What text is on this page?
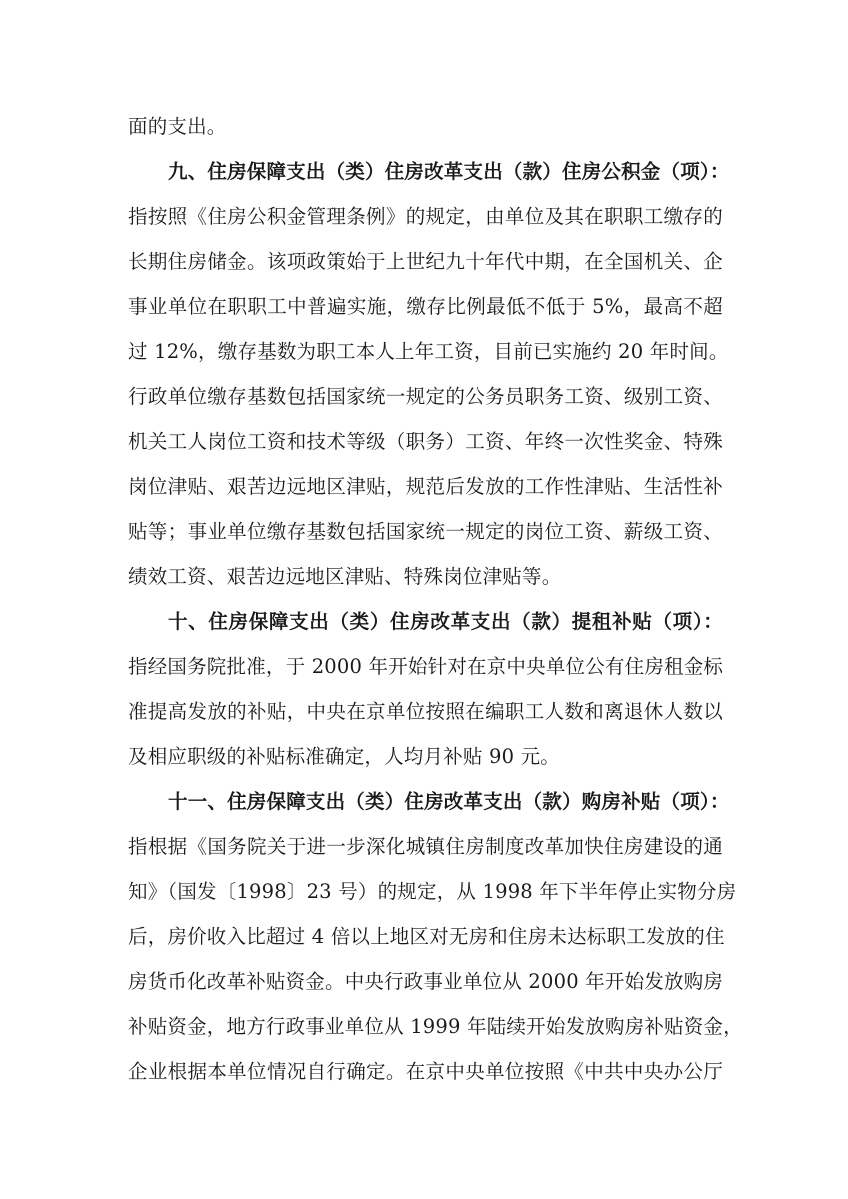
面的支出。
九、住房保障支出（类）住房改革支出（款）住房公积金（项）：
指按照《住房公积金管理条例》的规定，由单位及其在职职工缴存的
长期住房储金。该项政策始于上世纪九十年代中期，在全国机关、企
事业单位在职职工中普遍实施，缴存比例最低不低于 5%，最高不超
过 12%，缴存基数为职工本人上年工资，目前已实施约 20 年时间。
行政单位缴存基数包括国家统一规定的公务员职务工资、级别工资、
机关工人岗位工资和技术等级（职务）工资、年终一次性奖金、特殊
岗位津贴、艰苦边远地区津贴，规范后发放的工作性津贴、生活性补
贴等；事业单位缴存基数包括国家统一规定的岗位工资、薪级工资、
绩效工资、艰苦边远地区津贴、特殊岗位津贴等。
十、住房保障支出（类）住房改革支出（款）提租补贴（项）：
指经国务院批准，于 2000 年开始针对在京中央单位公有住房租金标
准提高发放的补贴，中央在京单位按照在编职工人数和离退休人数以
及相应职级的补贴标准确定，人均月补贴 90 元。
十一、住房保障支出（类）住房改革支出（款）购房补贴（项）：
指根据《国务院关于进一步深化城镇住房制度改革加快住房建设的通
知》（国发〔1998〕23 号）的规定，从 1998 年下半年停止实物分房
后，房价收入比超过 4 倍以上地区对无房和住房未达标职工发放的住
房货币化改革补贴资金。中央行政事业单位从 2000 年开始发放购房
补贴资金，地方行政事业单位从 1999 年陆续开始发放购房补贴资金，
企业根据本单位情况自行确定。在京中央单位按照《中共中央办公厅
